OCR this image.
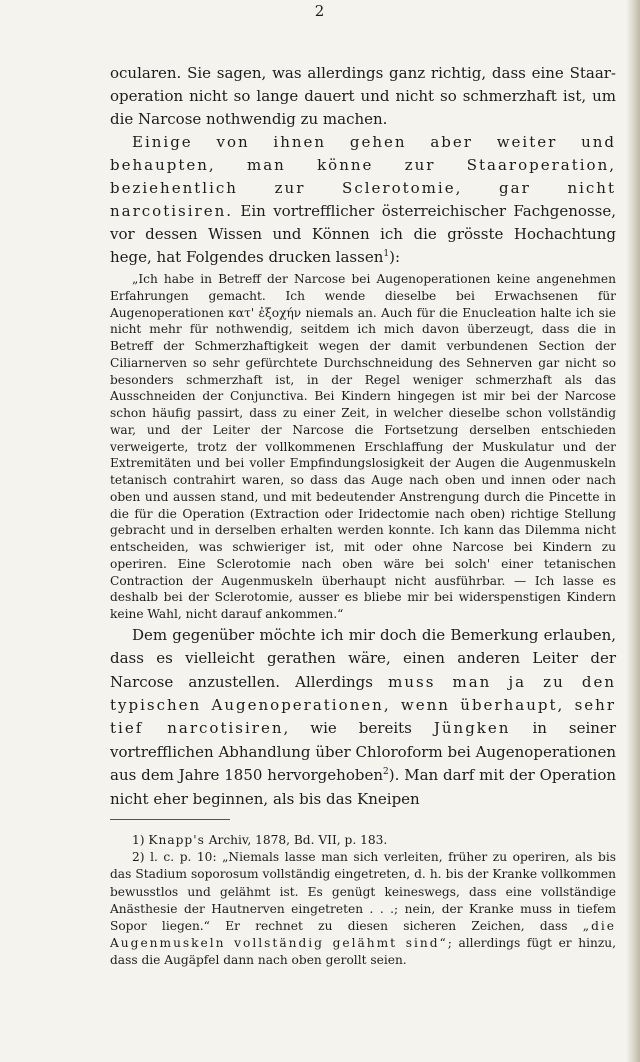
2

ocularen. Sie sagen, was allerdings ganz richtig, dass eine Staar-operation nicht so lange dauert und nicht so schmerzhaft ist, um die Narcose nothwendig zu machen.

Einige von ihnen gehen aber weiter und behaupten, man könne zur Staaroperation, beziehentlich zur Sclerotomie, gar nicht narcotisiren. Ein vortrefflicher österreichischer Fachgenosse, vor dessen Wissen und Können ich die grösste Hochachtung hege, hat Folgendes drucken lassen$^1$):

„Ich habe in Betreff der Narcose bei Augenoperationen keine angenehmen Erfahrungen gemacht. Ich wende dieselbe bei Erwachsenen für Augenoperationen κατ' ἐξοχήν niemals an. Auch für die Enucleation halte ich sie nicht mehr für nothwendig, seitdem ich mich davon überzeugt, dass die in Betreff der Schmerzhaftigkeit wegen der damit verbundenen Section der Ciliarnerven so sehr gefürchtete Durchschneidung des Sehnerven gar nicht so besonders schmerzhaft ist, in der Regel weniger schmerzhaft als das Ausschneiden der Conjunctiva. Bei Kindern hingegen ist mir bei der Narcose schon häufig passirt, dass zu einer Zeit, in welcher dieselbe schon vollständig war, und der Leiter der Narcose die Fortsetzung derselben entschieden verweigerte, trotz der vollkommenen Erschlaffung der Muskulatur und der Extremitäten und bei voller Empfindungslosigkeit der Augen die Augenmuskeln tetanisch contrahirt waren, so dass das Auge nach oben und innen oder nach oben und aussen stand, und mit bedeutender Anstrengung durch die Pincette in die für die Operation (Extraction oder Iridectomie nach oben) richtige Stellung gebracht und in derselben erhalten werden konnte. Ich kann das Dilemma nicht entscheiden, was schwieriger ist, mit oder ohne Narcose bei Kindern zu operiren. Eine Sclerotomie nach oben wäre bei solch' einer tetanischen Contraction der Augenmuskeln überhaupt nicht ausführbar. — Ich lasse es deshalb bei der Sclerotomie, ausser es bliebe mir bei widerspenstigen Kindern keine Wahl, nicht darauf ankommen.“

Dem gegenüber möchte ich mir doch die Bemerkung erlauben, dass es vielleicht gerathen wäre, einen anderen Leiter der Narcose anzustellen. Allerdings muss man ja zu den typischen Augenoperationen, wenn überhaupt, sehr tief narcotisiren, wie bereits Jüngken in seiner vortrefflichen Abhandlung über Chloroform bei Augenoperationen aus dem Jahre 1850 hervorgehoben$^2$). Man darf mit der Operation nicht eher beginnen, als bis das Kneipen

1) Knapp's Archiv, 1878, Bd. VII, p. 183.

2) l. c. p. 10: „Niemals lasse man sich verleiten, früher zu operiren, als bis das Stadium soporosum vollständig eingetreten, d. h. bis der Kranke vollkommen bewusstlos und gelähmt ist. Es genügt keineswegs, dass eine vollständige Anästhesie der Hautnerven eingetreten . . .; nein, der Kranke muss in tiefem Sopor liegen.“ Er rechnet zu diesen sicheren Zeichen, dass „die Augenmuskeln vollständig gelähmt sind“; allerdings fügt er hinzu, dass die Augäpfel dann nach oben gerollt seien.
